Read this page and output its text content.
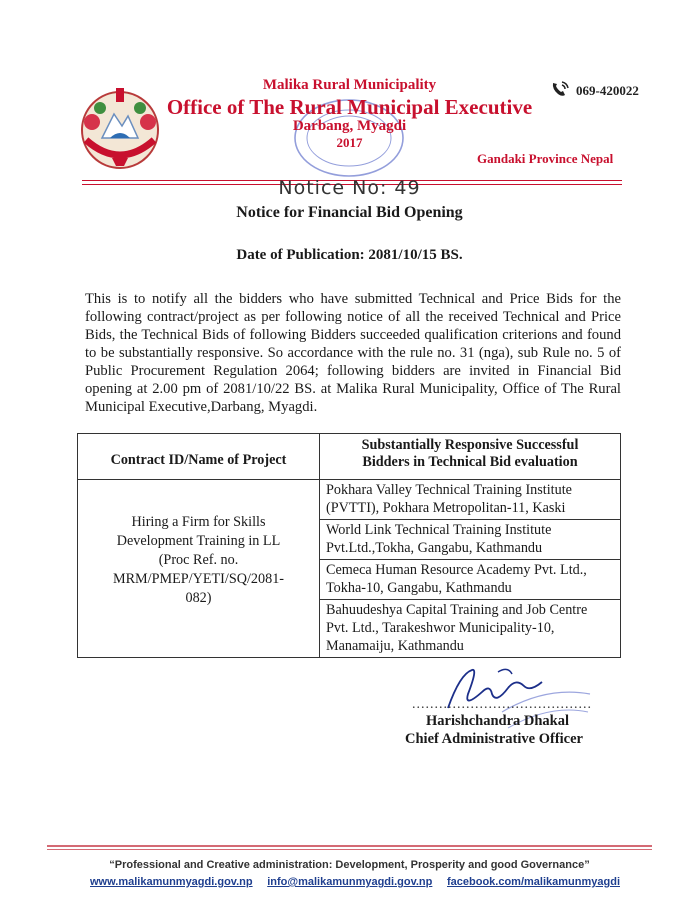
Malika Rural Municipality
Office of The Rural Municipal Executive
Darbang, Myagdi
2017
069-420022
Gandaki Province Nepal
Notice No: 49
Notice for Financial Bid Opening
Date of Publication: 2081/10/15 BS.
This is to notify all the bidders who have submitted Technical and Price Bids for the following contract/project as per following notice of all the received Technical and Price Bids, the Technical Bids of following Bidders succeeded qualification criterions and found to be substantially responsive. So accordance with the rule no. 31 (nga), sub Rule no. 5 of Public Procurement Regulation 2064; following bidders are invited in Financial Bid opening at 2.00 pm of 2081/10/22 BS. at Malika Rural Municipality, Office of The Rural Municipal Executive,Darbang, Myagdi.
Contract ID/Name of Project	Substantially Responsive Successful
Bidders in Technical Bid evaluation
Hiring a Firm for Skills
Development Training in LL
(Proc Ref. no.
MRM/PMEP/YETI/SQ/2081-
082)	Pokhara Valley Technical Training Institute
(PVTTI), Pokhara Metropolitan-11, Kaski
	World Link Technical Training Institute
Pvt.Ltd.,Tokha, Gangabu, Kathmandu
	Cemeca Human Resource Academy Pvt. Ltd.,
Tokha-10, Gangabu, Kathmandu
	Bahuudeshya Capital Training and Job Centre
Pvt. Ltd., Tarakeshwor Municipality-10,
Manamaiju, Kathmandu
........................................
Harishchandra Dhakal
Chief Administrative Officer
“Professional and Creative administration: Development, Prosperity and good Governance”
www.malikamunmyagdi.gov.np info@malikamunmyagdi.gov.np facebook.com/malikamunmyagdi
